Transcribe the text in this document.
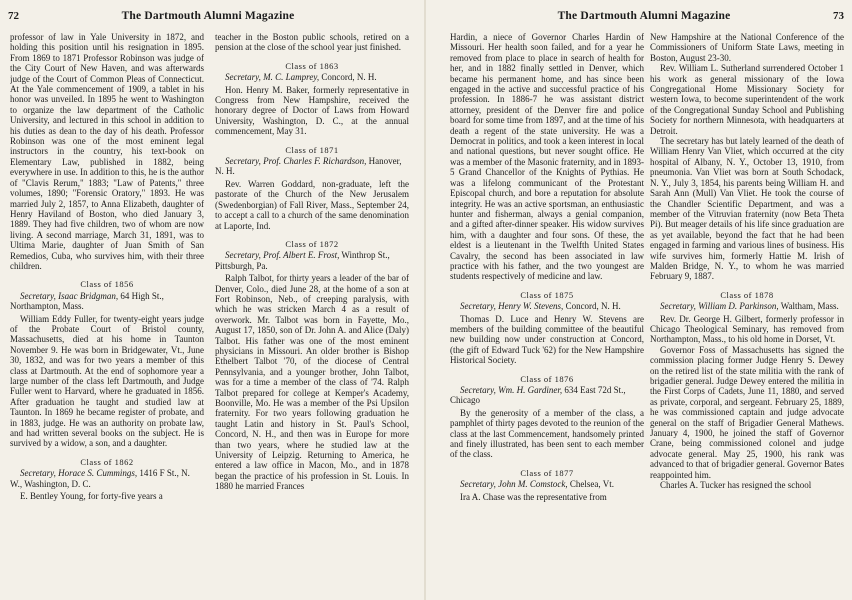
72	The Dartmouth Alumni Magazine

professor of law in Yale University in 1872, and holding this position until his resignation in 1895. From 1869 to 1871 Professor Robinson was judge of the City Court of New Haven, and was afterwards judge of the Court of Common Pleas of Connecticut. At the Yale commencement of 1909, a tablet in his honor was unveiled. In 1895 he went to Washington to organize the law department of the Catholic University, and lectured in this school in addition to his duties as dean to the day of his death. Professor Robinson was one of the most eminent legal instructors in the country, his text-book on Elementary Law, published in 1882, being everywhere in use. In addition to this, he is the author of "Clavis Rerum," 1883; "Law of Patents," three volumes, 1890; "Forensic Oratory," 1893. He was married July 2, 1857, to Anna Elizabeth, daughter of Henry Haviland of Boston, who died January 3, 1889. They had five children, two of whom are now living. A second marriage, March 31, 1891, was to Ultima Marie, daughter of Juan Smith of San Remedios, Cuba, who survives him, with their three children.

Class of 1856
Secretary, Isaac Bridgman, 64 High St., Northampton, Mass.

William Eddy Fuller, for twenty-eight years judge of the Probate Court of Bristol county, Massachusetts, died at his home in Taunton November 9. He was born in Bridgewater, Vt., June 30, 1832, and was for two years a member of this class at Dartmouth. At the end of sophomore year a large number of the class left Dartmouth, and Judge Fuller went to Harvard, where he graduated in 1856. After graduation he taught and studied law at Taunton. In 1869 he became register of probate, and in 1883, judge. He was an authority on probate law, and had written several books on the subject. He is survived by a widow, a son, and a daughter.

Class of 1862
Secretary, Horace S. Cummings, 1416 F St., N. W., Washington, D. C.

E. Bentley Young, for forty-five years a

teacher in the Boston public schools, retired on a pension at the close of the school year just finished.

Class of 1863
Secretary, M. C. Lamprey, Concord, N. H.

Hon. Henry M. Baker, formerly representative in Congress from New Hampshire, received the honorary degree of Doctor of Laws from Howard University, Washington, D. C., at the annual commencement, May 31.

Class of 1871
Secretary, Prof. Charles F. Richardson, Hanover, N. H.

Rev. Warren Goddard, non-graduate, left the pastorate of the Church of the New Jerusalem (Swedenborgian) of Fall River, Mass., September 24, to accept a call to a church of the same denomination at Laporte, Ind.

Class of 1872
Secretary, Prof. Albert E. Frost, Winthrop St., Pittsburgh, Pa.

Ralph Talbot, for thirty years a leader of the bar of Denver, Colo., died June 28, at the home of a son at Fort Robinson, Neb., of creeping paralysis, with which he was stricken March 4 as a result of overwork. Mr. Talbot was born in Fayette, Mo., August 17, 1850, son of Dr. John A. and Alice (Daly) Talbot. His father was one of the most eminent physicians in Missouri. An older brother is Bishop Ethelbert Talbot '70, of the diocese of Central Pennsylvania, and a younger brother, John Talbot, was for a time a member of the class of '74. Ralph Talbot prepared for college at Kemper's Academy, Boonville, Mo. He was a member of the Psi Upsilon fraternity. For two years following graduation he taught Latin and history in St. Paul's School, Concord, N. H., and then was in Europe for more than two years, where he studied law at the University of Leipzig. Returning to America, he entered a law office in Macon, Mo., and in 1878 began the practice of his profession in St. Louis. In 1880 he married Frances

The Dartmouth Alumni Magazine	73

Hardin, a niece of Governor Charles Hardin of Missouri. Her health soon failed, and for a year he removed from place to place in search of health for her, and in 1882 finally settled in Denver, which became his permanent home, and has since been engaged in the active and successful practice of his profession. In 1886-7 he was assistant district attorney, president of the Denver fire and police board for some time from 1897, and at the time of his death a regent of the state university. He was a Democrat in politics, and took a keen interest in local and national questions, but never sought office. He was a member of the Masonic fraternity, and in 1893-5 Grand Chancellor of the Knights of Pythias. He was a lifelong communicant of the Protestant Episcopal church, and bore a reputation for absolute integrity. He was an active sportsman, an enthusiastic hunter and fisherman, always a genial companion, and a gifted after-dinner speaker. His widow survives him, with a daughter and four sons. Of these, the eldest is a lieutenant in the Twelfth United States Cavalry, the second has been associated in law practice with his father, and the two youngest are students respectively of medicine and law.

Class of 1875
Secretary, Henry W. Stevens, Concord, N. H.

Thomas D. Luce and Henry W. Stevens are members of the building committee of the beautiful new building now under construction at Concord, (the gift of Edward Tuck '62) for the New Hampshire Historical Society.

Class of 1876
Secretary, Wm. H. Gardiner, 634 East 72d St., Chicago

By the generosity of a member of the class, a pamphlet of thirty pages devoted to the reunion of the class at the last Commencement, handsomely printed and finely illustrated, has been sent to each member of the class.

Class of 1877
Secretary, John M. Comstock, Chelsea, Vt.

Ira A. Chase was the representative from

New Hampshire at the National Conference of the Commissioners of Uniform State Laws, meeting in Boston, August 23-30.

Rev. William L. Sutherland surrendered October 1 his work as general missionary of the Iowa Congregational Home Missionary Society for western Iowa, to become superintendent of the work of the Congregational Sunday School and Publishing Society for northern Minnesota, with headquarters at Detroit.

The secretary has but lately learned of the death of William Henry Van Vliet, which occurred at the city hospital of Albany, N. Y., October 13, 1910, from pneumonia. Van Vliet was born at South Schodack, N. Y., July 3, 1854, his parents being William H. and Sarah Ann (Mull) Van Vliet. He took the course of the Chandler Scientific Department, and was a member of the Vitruvian fraternity (now Beta Theta Pi). But meager details of his life since graduation are as yet available, beyond the fact that he had been engaged in farming and various lines of business. His wife survives him, formerly Hattie M. Irish of Malden Bridge, N. Y., to whom he was married February 9, 1887.

Class of 1878
Secretary, William D. Parkinson, Waltham, Mass.

Rev. Dr. George H. Gilbert, formerly professor in Chicago Theological Seminary, has removed from Northampton, Mass., to his old home in Dorset, Vt.

Governor Foss of Massachusetts has signed the commission placing former Judge Henry S. Dewey on the retired list of the state militia with the rank of brigadier general. Judge Dewey entered the militia in the First Corps of Cadets, June 11, 1880, and served as private, corporal, and sergeant. February 25, 1889, he was commissioned captain and judge advocate general on the staff of Brigadier General Mathews. January 4, 1900, he joined the staff of Governor Crane, being commissioned colonel and judge advocate general. May 25, 1900, his rank was advanced to that of brigadier general. Governor Bates reappointed him.

Charles A. Tucker has resigned the school
